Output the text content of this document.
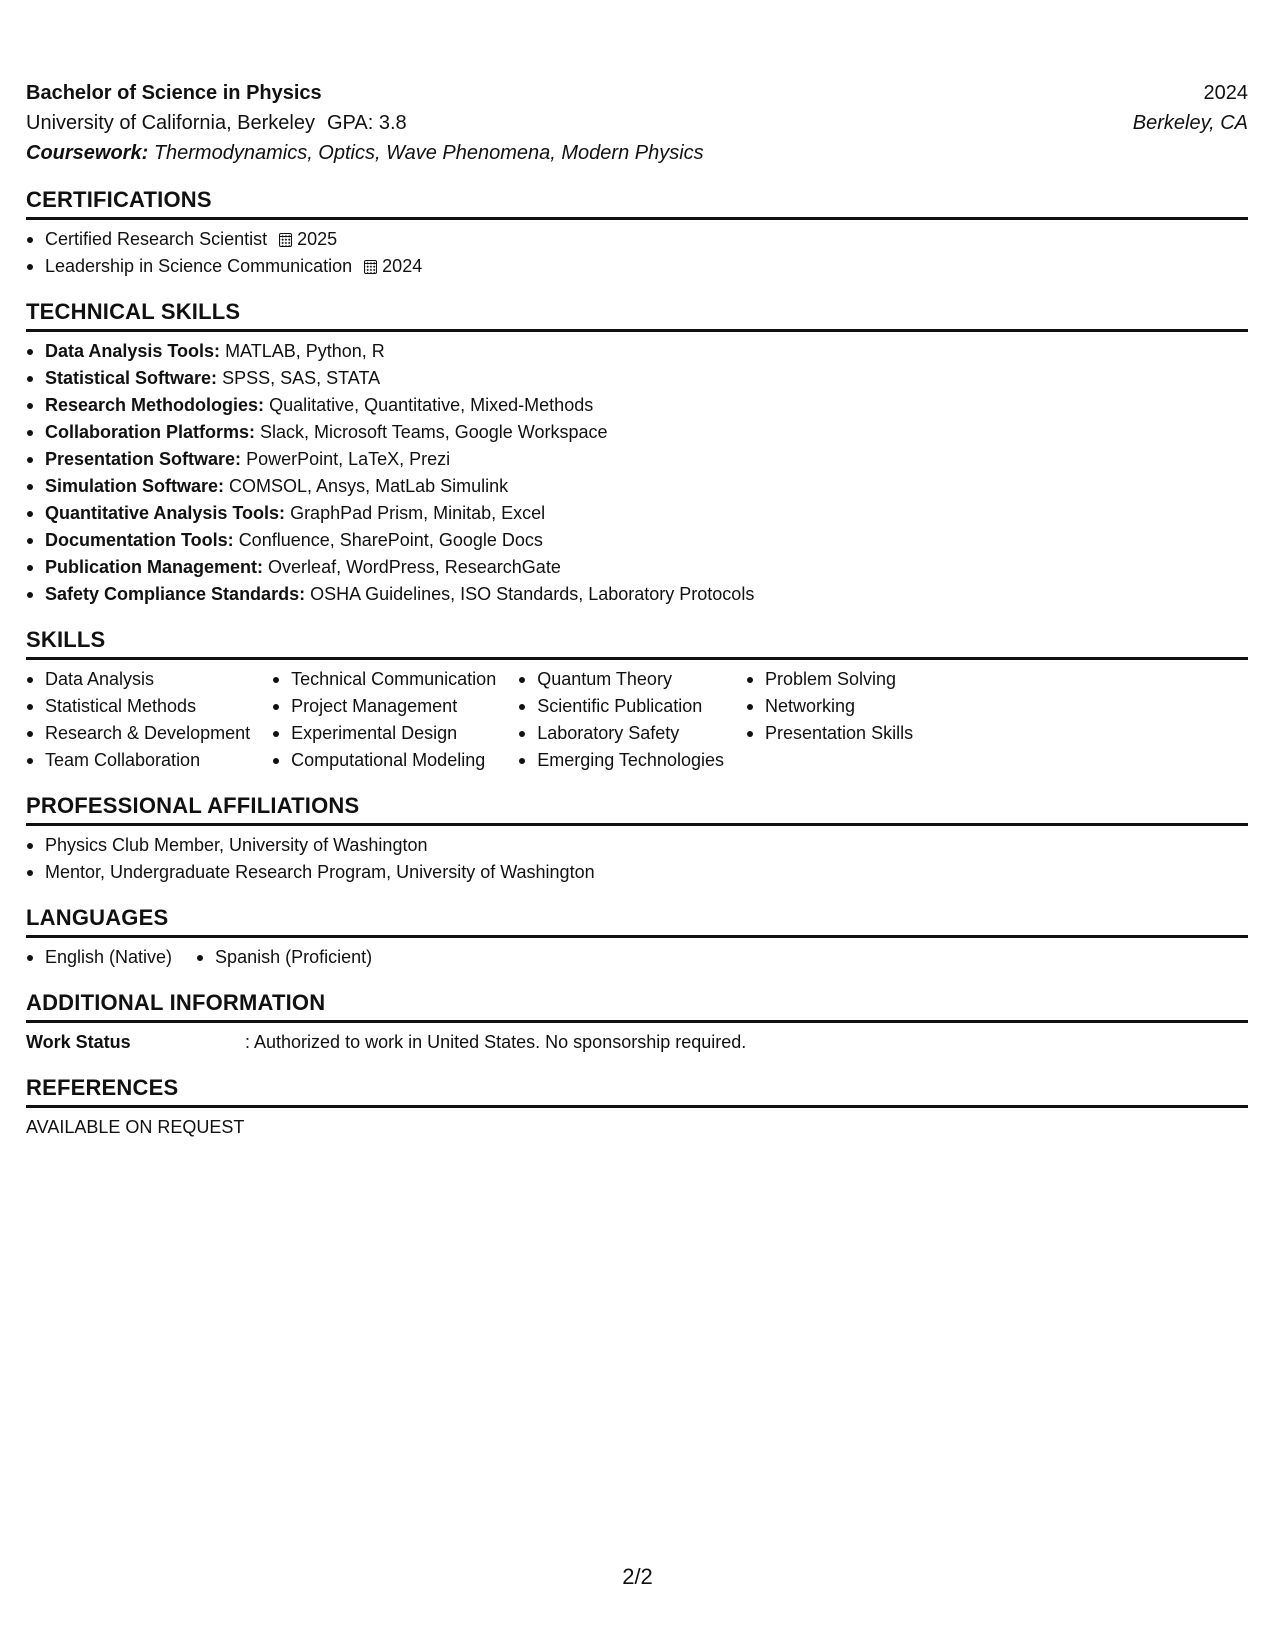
Bachelor of Science in Physics	2024
University of California, Berkeley GPA: 3.8	Berkeley, CA
Coursework: Thermodynamics, Optics, Wave Phenomena, Modern Physics
CERTIFICATIONS
Certified Research Scientist 2025
Leadership in Science Communication 2024
TECHNICAL SKILLS
Data Analysis Tools: MATLAB, Python, R
Statistical Software: SPSS, SAS, STATA
Research Methodologies: Qualitative, Quantitative, Mixed-Methods
Collaboration Platforms: Slack, Microsoft Teams, Google Workspace
Presentation Software: PowerPoint, LaTeX, Prezi
Simulation Software: COMSOL, Ansys, MatLab Simulink
Quantitative Analysis Tools: GraphPad Prism, Minitab, Excel
Documentation Tools: Confluence, SharePoint, Google Docs
Publication Management: Overleaf, WordPress, ResearchGate
Safety Compliance Standards: OSHA Guidelines, ISO Standards, Laboratory Protocols
SKILLS
Data Analysis
Statistical Methods
Research & Development
Team Collaboration
Technical Communication
Project Management
Experimental Design
Computational Modeling
Quantum Theory
Scientific Publication
Laboratory Safety
Emerging Technologies
Problem Solving
Networking
Presentation Skills
PROFESSIONAL AFFILIATIONS
Physics Club Member, University of Washington
Mentor, Undergraduate Research Program, University of Washington
LANGUAGES
English (Native)	Spanish (Proficient)
ADDITIONAL INFORMATION
Work Status	: Authorized to work in United States. No sponsorship required.
REFERENCES
AVAILABLE ON REQUEST
2/2
